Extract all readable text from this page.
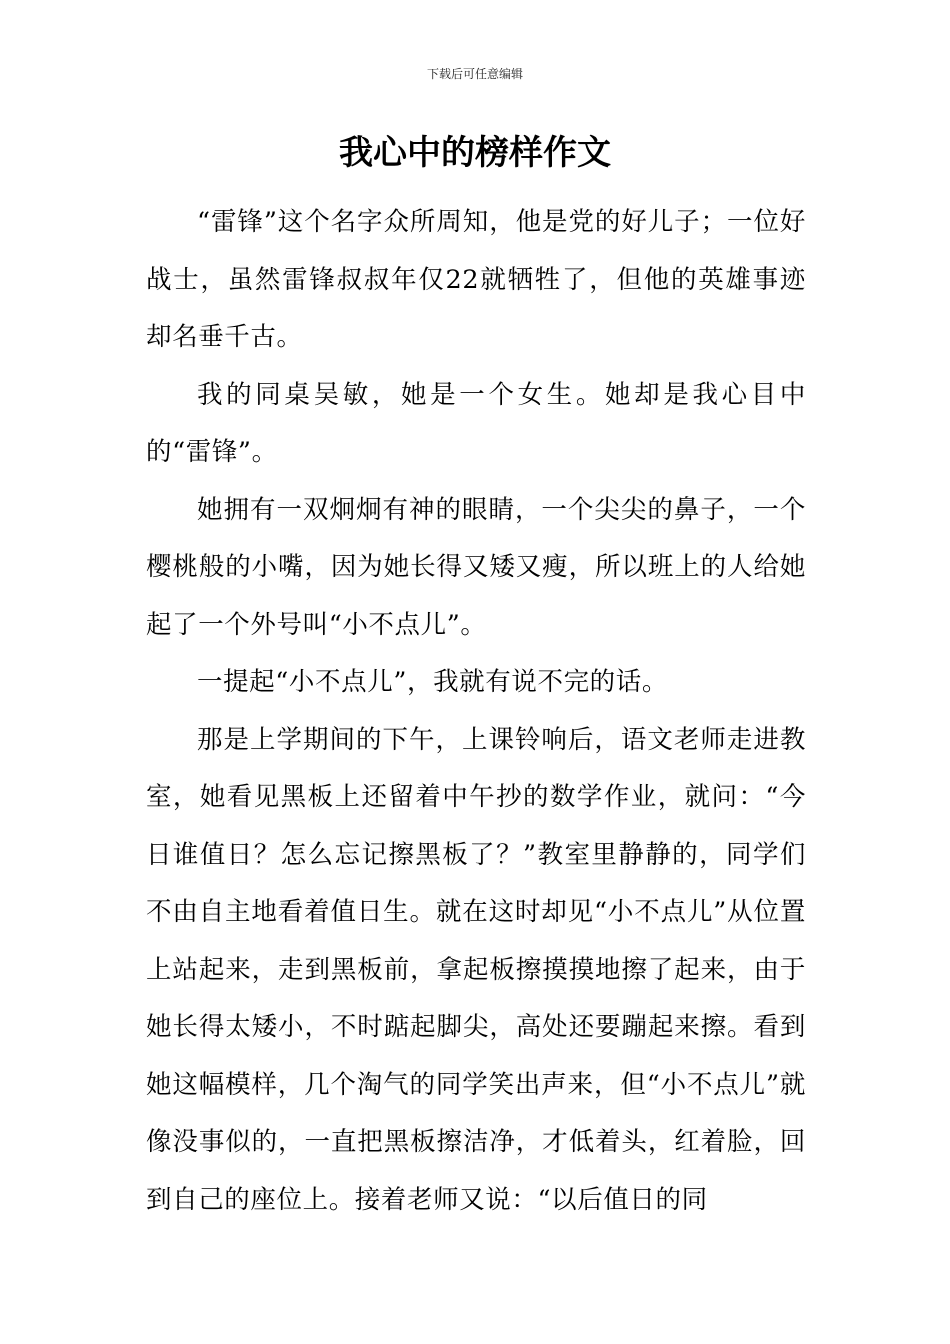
下载后可任意编辑
我心中的榜样作文

“雷锋”这个名字众所周知，他是党的好儿子；一位好战士，虽然雷锋叔叔年仅22就牺牲了，但他的英雄事迹却名垂千古。

我的同桌吴敏，她是一个女生。她却是我心目中的“雷锋”。

她拥有一双炯炯有神的眼睛，一个尖尖的鼻子，一个樱桃般的小嘴，因为她长得又矮又瘦，所以班上的人给她起了一个外号叫“小不点儿”。

一提起“小不点儿”，我就有说不完的话。

那是上学期间的下午，上课铃响后，语文老师走进教室，她看见黑板上还留着中午抄的数学作业，就问：“今日谁值日？怎么忘记擦黑板了？”教室里静静的，同学们不由自主地看着值日生。就在这时却见“小不点儿”从位置上站起来，走到黑板前，拿起板擦摸摸地擦了起来，由于她长得太矮小，不时踮起脚尖，高处还要蹦起来擦。看到她这幅模样，几个淘气的同学笑出声来，但“小不点儿”就像没事似的，一直把黑板擦洁净，才低着头，红着脸，回到自己的座位上。接着老师又说：“以后值日的同
